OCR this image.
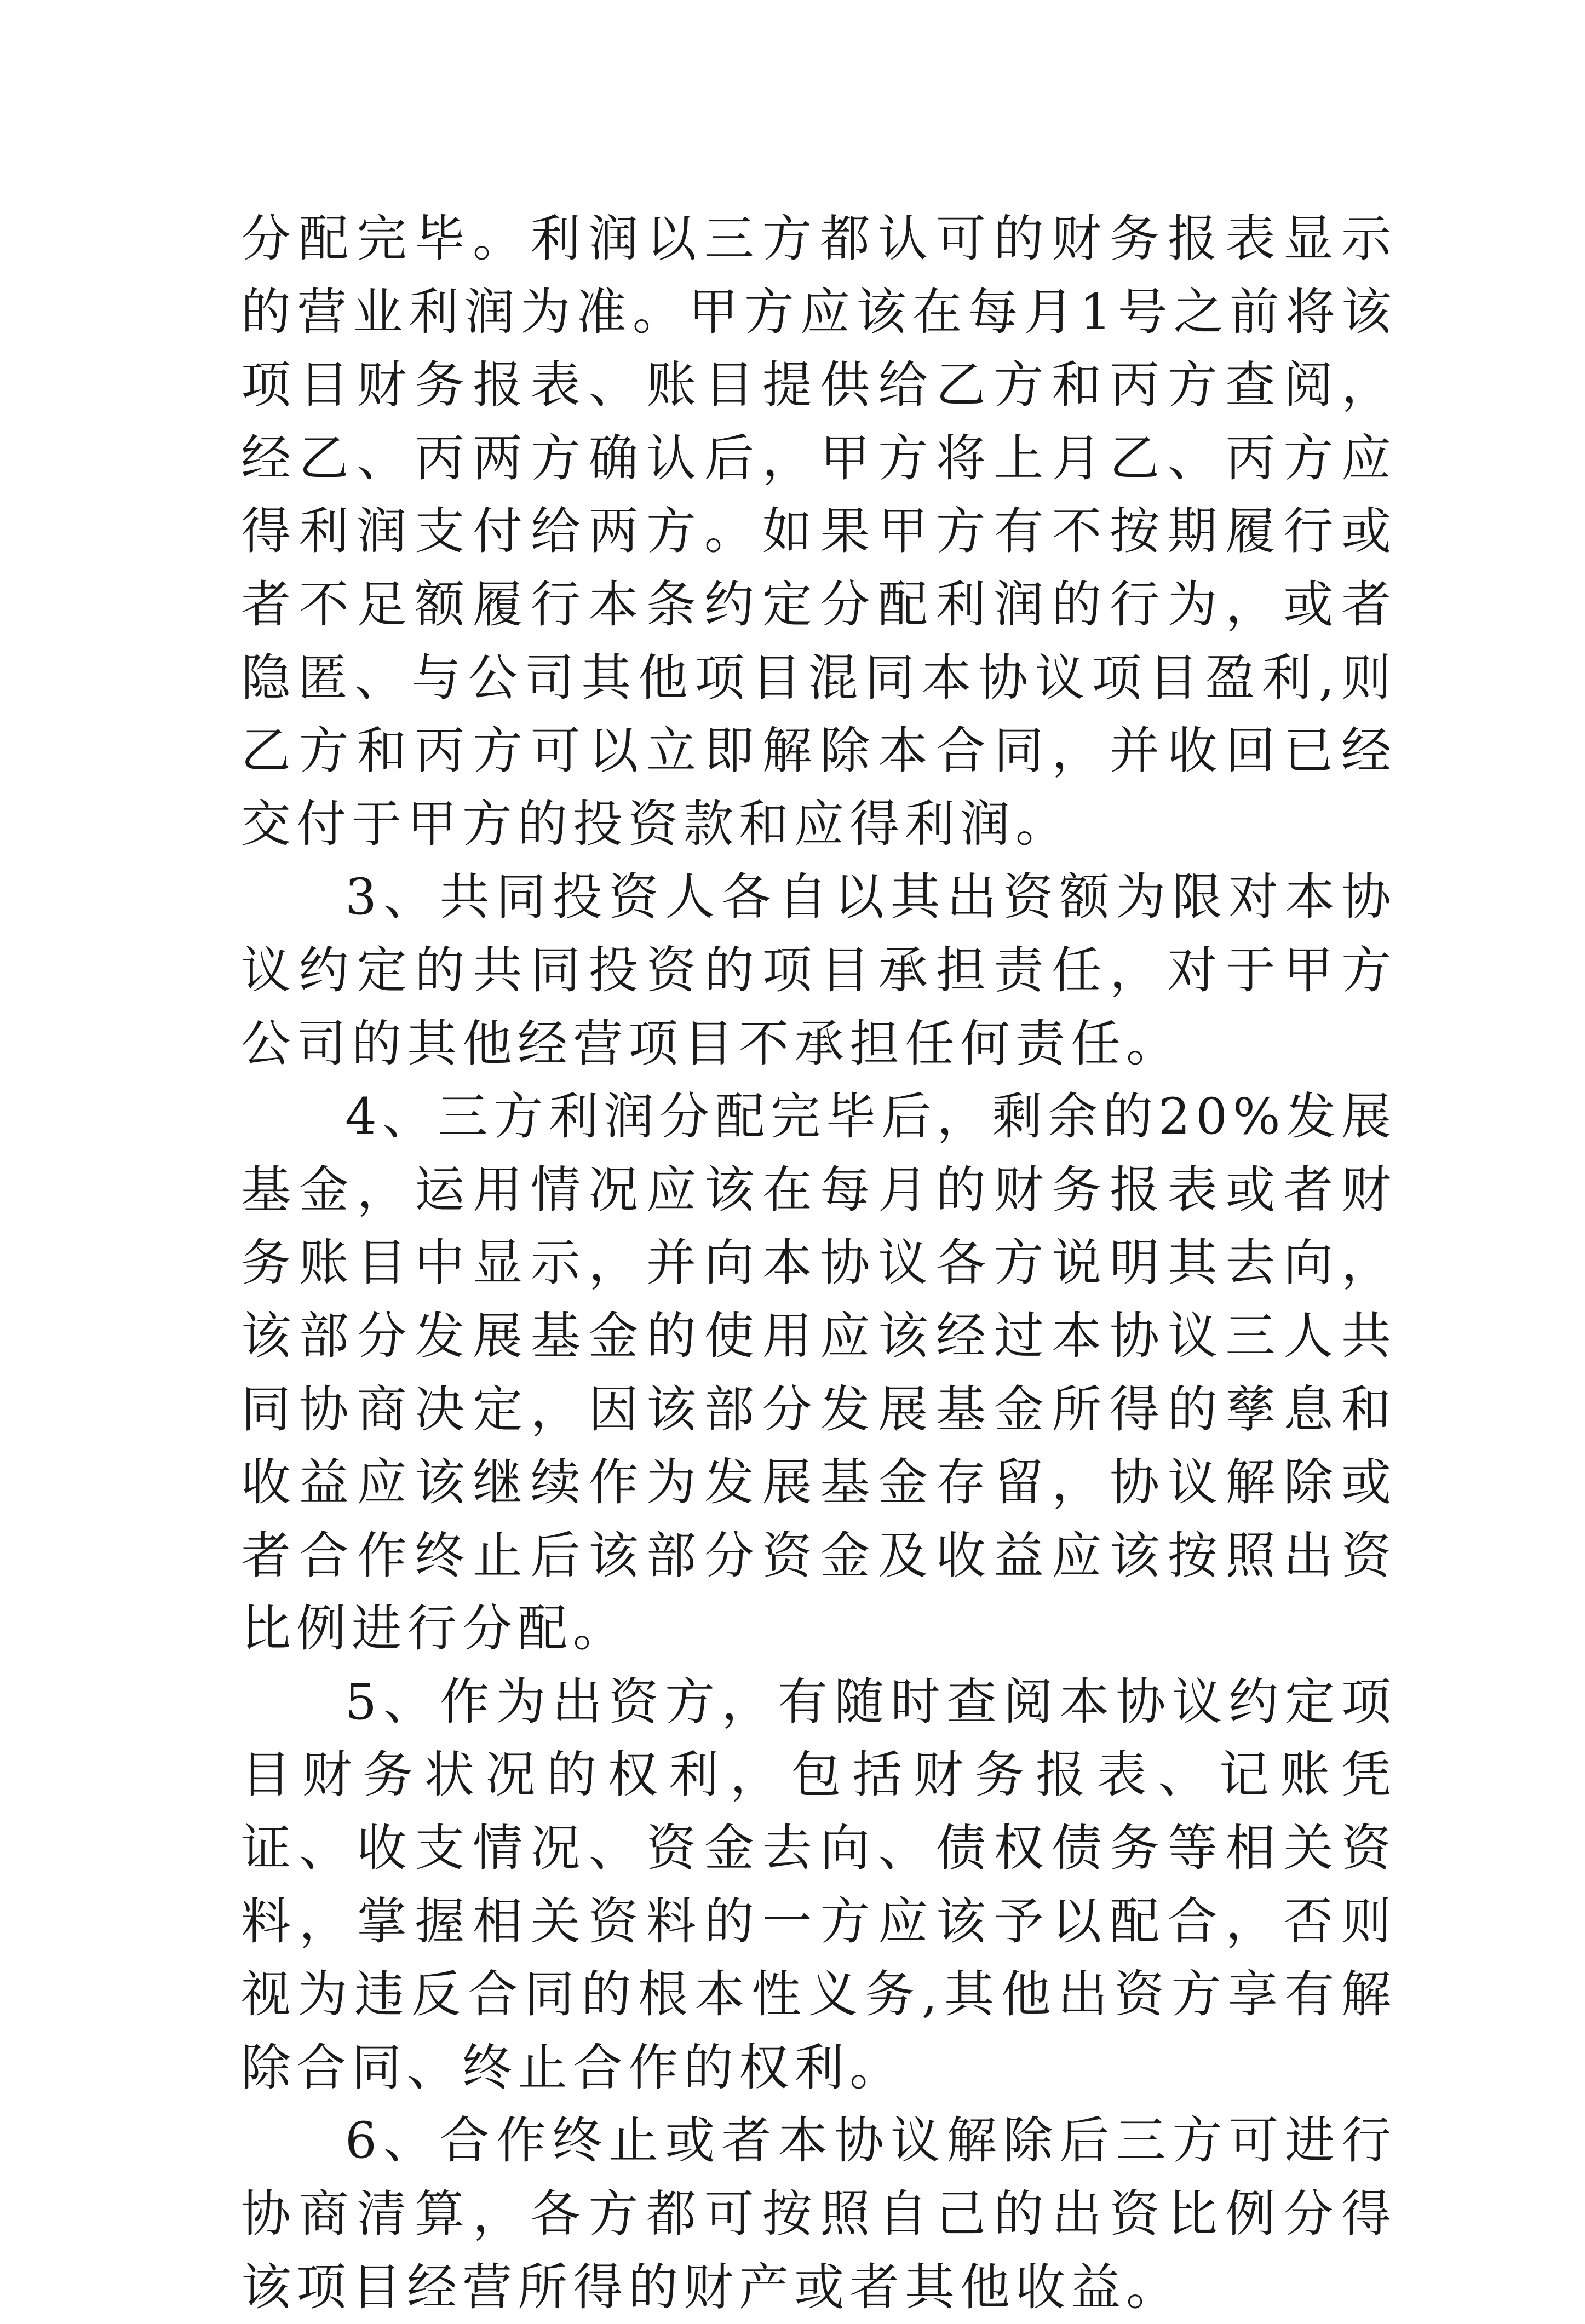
分配完毕。利润以三方都认可的财务报表显示的营业利润为准。甲方应该在每月1号之前将该项目财务报表、账目提供给乙方和丙方查阅，经乙、丙两方确认后，甲方将上月乙、丙方应得利润支付给两方。如果甲方有不按期履行或者不足额履行本条约定分配利润的行为，或者隐匿、与公司其他项目混同本协议项目盈利,则乙方和丙方可以立即解除本合同，并收回已经交付于甲方的投资款和应得利润。

3、共同投资人各自以其出资额为限对本协议约定的共同投资的项目承担责任，对于甲方公司的其他经营项目不承担任何责任。

4、三方利润分配完毕后，剩余的20%发展基金，运用情况应该在每月的财务报表或者财务账目中显示，并向本协议各方说明其去向，该部分发展基金的使用应该经过本协议三人共同协商决定，因该部分发展基金所得的孳息和收益应该继续作为发展基金存留，协议解除或者合作终止后该部分资金及收益应该按照出资比例进行分配。

5、作为出资方，有随时查阅本协议约定项目财务状况的权利，包括财务报表、记账凭证、收支情况、资金去向、债权债务等相关资料，掌握相关资料的一方应该予以配合，否则视为违反合同的根本性义务,其他出资方享有解除合同、终止合作的权利。

6、合作终止或者本协议解除后三方可进行协商清算，各方都可按照自己的出资比例分得该项目经营所得的财产或者其他收益。
